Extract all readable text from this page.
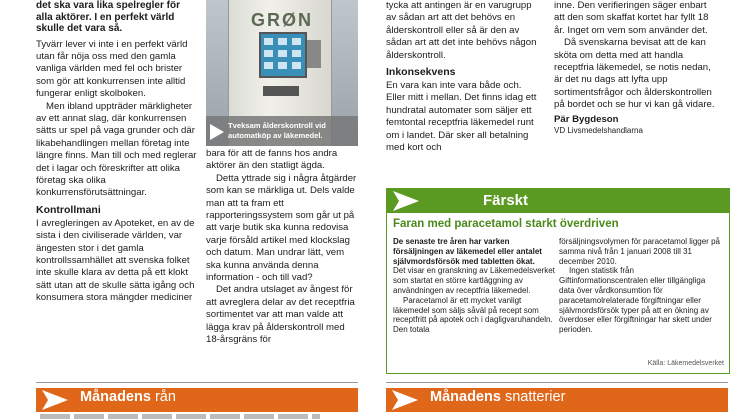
det ska vara lika spelregler för alla aktörer. I en perfekt värld skulle det vara så.

Tyvärr lever vi inte i en perfekt värld utan får nöja oss med den gamla vanliga världen med fel och brister som gör att konkurrensen inte alltid fungerar enligt skolboken.

Men ibland uppträder märkligheter av ett annat slag, där konkurrensen sätts ur spel på vaga grunder och där likabehandlingen mellan företag inte längre finns. Man till och med reglerar det i lagar och föreskrifter att olika företag ska olika konkurrensförutsättningar.

Kontrollmani

I avregleringen av Apoteket, en av de sista i den civiliserade världen, var ängesten stor i det gamla kontrollssamhället att svenska folket inte skulle klara av detta på ett klokt sätt utan att de skulle sätta igång och konsumera stora mängder mediciner

GRØN
Tveksam ålderskontroll vid automatköp av läkemedel.

bara för att de fanns hos andra aktörer än den statligt ägda.

Detta yttrade sig i några åtgärder som kan se märkliga ut. Dels valde man att ta fram ett rapporteringssystem som går ut på att varje butik ska kunna redovisa varje försåld artikel med klockslag och datum. Man undrar lätt, vem ska kunna använda denna information - och till vad?

Det andra utslaget av ångest för att avreglera delar av det receptfria sortimentet var att man valde att lägga krav på ålderskontroll med 18-årsgräns för

tycka att antingen är en varugrupp av sådan art att det behövs en ålderskontroll eller så är den av sådan art att det inte behövs någon ålderskontroll.

Inkonsekvens

En vara kan inte vara både och. Eller mitt i mellan. Det finns idag ett hundratal automater som säljer ett femtontal receptfria läkemedel runt om i landet. Där sker all betalning med kort och

inne. Den verifieringen säger enbart att den som skaffat kortet har fyllt 18 år. Inget om vem som använder det.

Då svenskarna bevisat att de kan sköta om detta med att handla receptfria läkemedel, se notis nedan, är det nu dags att lyfta upp sortimentsfrågor och ålderskontrollen på bordet och se hur vi kan gå vidare.

Pär Bygdeson

VD Livsmedelshandlarna

Färskt
Faran med paracetamol starkt överdriven

De senaste tre åren har varken försäljningen av läkemedel eller antalet självmordsförsök med tabletten ökat.

Det visar en granskning av Läkemedelsverket som startat en större kartläggning av användningen av receptfria läkemedel.

Paracetamol är ett mycket vanligt läkemedel som säljs såväl på recept som receptfritt på apotek och i dagligvaruhandeln. Den totala

försäljningsvolymen för paracetamol ligger på samma nivå från 1 januari 2008 till 31 december 2010.

Ingen statistik från Giftinformationscentralen eller tillgängliga data över vårdkonsumtion för paracetamolrelaterade förgiftningar eller självmordsförsök typer på att en ökning av överdoser eller förgiftningar har skett under perioden.

Källa: Läkemedelsverket
Månadens rån	Månadens snatterier
